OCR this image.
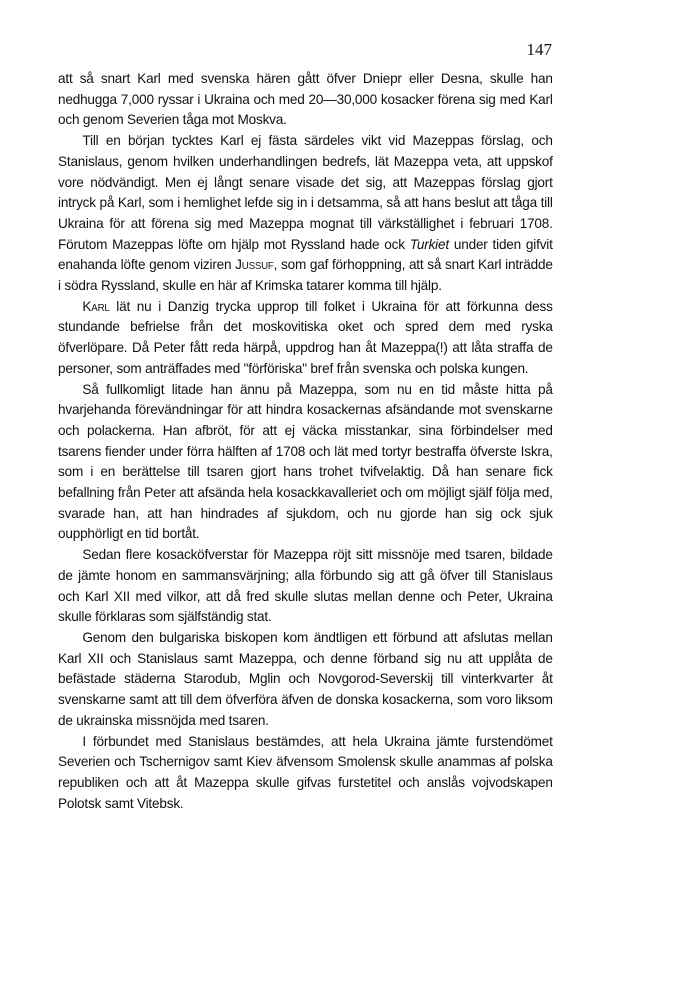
147

att så snart Karl med svenska hären gått öfver Dniepr eller Desna, skulle han nedhugga 7,000 ryssar i Ukraina och med 20—30,000 kosacker förena sig med Karl och genom Severien tåga mot Moskva.

Till en början tycktes Karl ej fästa särdeles vikt vid Mazeppas förslag, och Stanislaus, genom hvilken underhandlingen bedrefs, lät Mazeppa veta, att uppskof vore nödvändigt. Men ej långt senare visade det sig, att Mazeppas förslag gjort intryck på Karl, som i hemlighet lefde sig in i detsamma, så att hans beslut att tåga till Ukraina för att förena sig med Mazeppa mognat till värkställighet i februari 1708. Förutom Mazeppas löfte om hjälp mot Ryssland hade ock Turkiet under tiden gifvit enahanda löfte genom viziren Jussuf, som gaf förhoppning, att så snart Karl inträdde i södra Ryssland, skulle en här af Krimska tatarer komma till hjälp.

Karl lät nu i Danzig trycka upprop till folket i Ukraina för att förkunna dess stundande befrielse från det moskovitiska oket och spred dem med ryska öfverlöpare. Då Peter fått reda härpå, uppdrog han åt Mazeppa(!) att låta straffa de personer, som anträffades med "förföriska" bref från svenska och polska kungen.

Så fullkomligt litade han ännu på Mazeppa, som nu en tid måste hitta på hvarjehanda förevändningar för att hindra kosackernas afsändande mot svenskarne och polackerna. Han afbröt, för att ej väcka misstankar, sina förbindelser med tsarens fiender under förra hälften af 1708 och lät med tortyr bestraffa öfverste Iskra, som i en berättelse till tsaren gjort hans trohet tvifvelaktig. Då han senare fick befallning från Peter att afsända hela kosackkavalleriet och om möjligt själf följa med, svarade han, att han hindrades af sjukdom, och nu gjorde han sig ock sjuk oupphörligt en tid bortåt.

Sedan flere kosacköfverstar för Mazeppa röjt sitt missnöje med tsaren, bildade de jämte honom en sammansvärjning; alla förbundo sig att gå öfver till Stanislaus och Karl XII med vilkor, att då fred skulle slutas mellan denne och Peter, Ukraina skulle förklaras som själfständig stat.

Genom den bulgariska biskopen kom ändtligen ett förbund att afslutas mellan Karl XII och Stanislaus samt Mazeppa, och denne förband sig nu att upplåta de befästade städerna Starodub, Mglin och Novgorod-Severskij till vinterkvarter åt svenskarne samt att till dem öfverföra äfven de donska kosackerna, som voro liksom de ukrainska missnöjda med tsaren.

I förbundet med Stanislaus bestämdes, att hela Ukraina jämte furstendömet Severien och Tschernigov samt Kiev äfvensom Smolensk skulle anammas af polska republiken och att åt Mazeppa skulle gifvas furstetitel och anslås vojvodskapen Polotsk samt Vitebsk.
